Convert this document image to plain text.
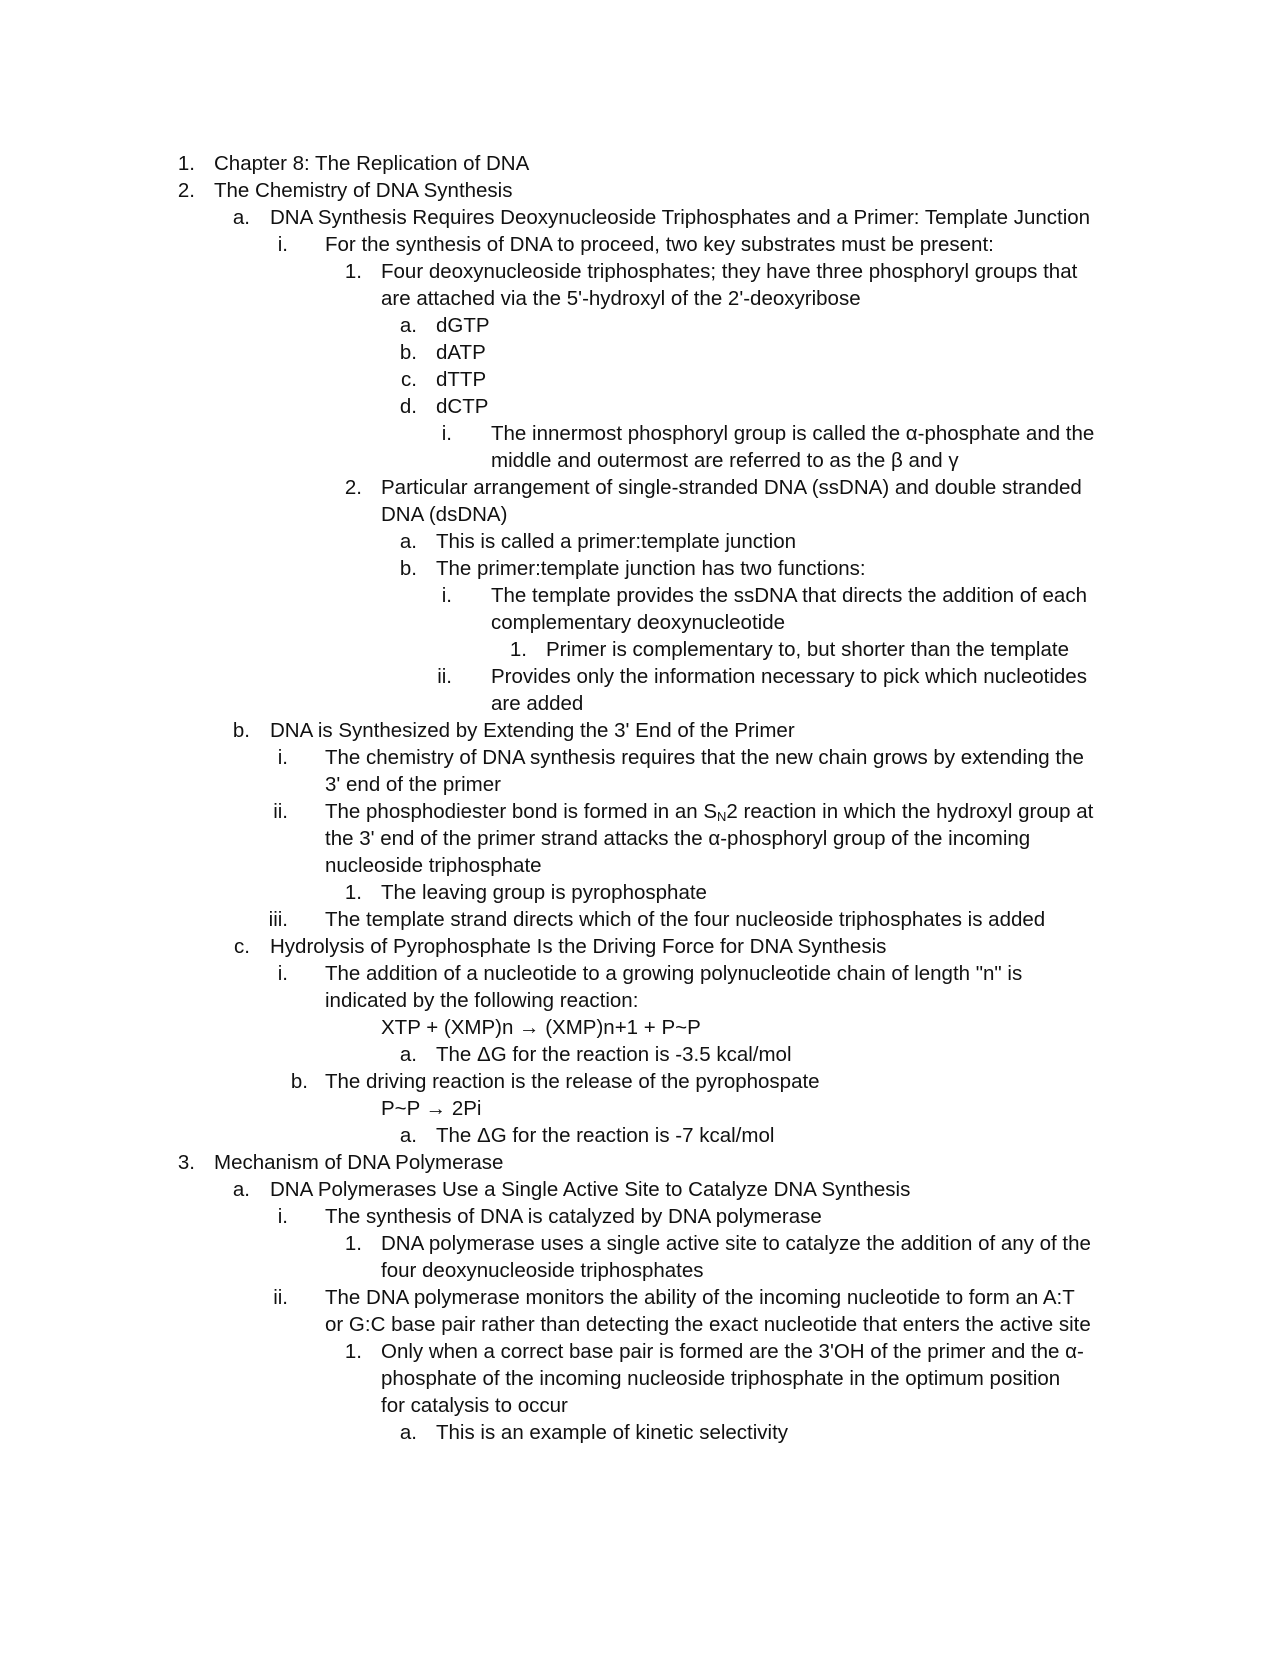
1. Chapter 8: The Replication of DNA
2. The Chemistry of DNA Synthesis
a. DNA Synthesis Requires Deoxynucleoside Triphosphates and a Primer: Template Junction
i. For the synthesis of DNA to proceed, two key substrates must be present:
1. Four deoxynucleoside triphosphates; they have three phosphoryl groups that
are attached via the 5'-hydroxyl of the 2'-deoxyribose
a. dGTP
b. dATP
c. dTTP
d. dCTP
i. The innermost phosphoryl group is called the α-phosphate and the
middle and outermost are referred to as the β and γ
2. Particular arrangement of single-stranded DNA (ssDNA) and double stranded
DNA (dsDNA)
a. This is called a primer:template junction
b. The primer:template junction has two functions:
i. The template provides the ssDNA that directs the addition of each
complementary deoxynucleotide
1. Primer is complementary to, but shorter than the template
ii. Provides only the information necessary to pick which nucleotides
are added
b. DNA is Synthesized by Extending the 3' End of the Primer
i. The chemistry of DNA synthesis requires that the new chain grows by extending the
3' end of the primer
ii. The phosphodiester bond is formed in an $S_N2$ reaction in which the hydroxyl group at
the 3' end of the primer strand attacks the α-phosphoryl group of the incoming
nucleoside triphosphate
1. The leaving group is pyrophosphate
iii. The template strand directs which of the four nucleoside triphosphates is added
c. Hydrolysis of Pyrophosphate Is the Driving Force for DNA Synthesis
i. The addition of a nucleotide to a growing polynucleotide chain of length "n" is
indicated by the following reaction:
XTP + (XMP)n → (XMP)n+1 + P~P
a. The ΔG for the reaction is -3.5 kcal/mol
b. The driving reaction is the release of the pyrophospate
P~P → 2Pi
a. The ΔG for the reaction is -7 kcal/mol
3. Mechanism of DNA Polymerase
a. DNA Polymerases Use a Single Active Site to Catalyze DNA Synthesis
i. The synthesis of DNA is catalyzed by DNA polymerase
1. DNA polymerase uses a single active site to catalyze the addition of any of the
four deoxynucleoside triphosphates
ii. The DNA polymerase monitors the ability of the incoming nucleotide to form an A:T
or G:C base pair rather than detecting the exact nucleotide that enters the active site
1. Only when a correct base pair is formed are the 3'OH of the primer and the α-
phosphate of the incoming nucleoside triphosphate in the optimum position
for catalysis to occur
a. This is an example of kinetic selectivity
